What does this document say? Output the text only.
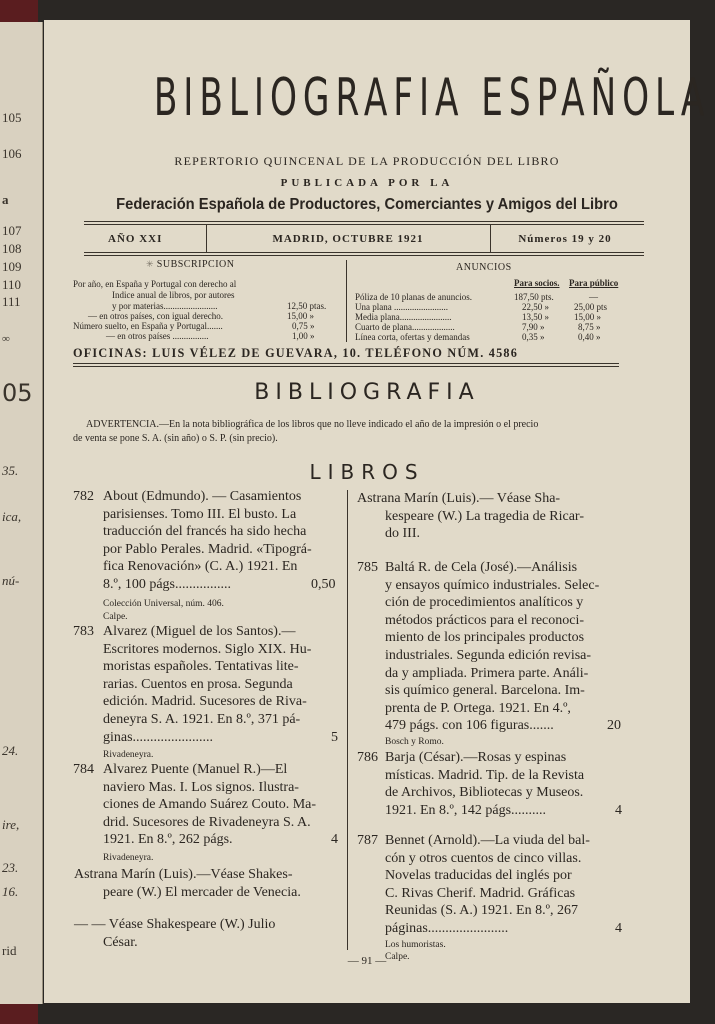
105
106
a
107
108
109
110
111
∞
05
35.
ica,
nú-
24.
ire,
23.
16.
rid
BIBLIOGRAFIA ESPAÑOLA
REPERTORIO QUINCENAL DE LA PRODUCCIÓN DEL LIBRO
PUBLICADA POR LA
Federación Española de Productores, Comerciantes y Amigos del Libro
AÑO XXI	MADRID, OCTUBRE 1921	Números 19 y 20
✳ SUBSCRIPCION
Por año, en España y Portugal con derecho al
Indice anual de libros, por autores
y por materias........................	12,50 ptas.
— en otros países, con igual derecho.	15,00 »
Número suelto, en España y Portugal.......	0,75 »
— en otros países ................	1,00 »
ANUNCIOS
Para socios. Para público
Póliza de 10 planas de anuncios.	187,50 pts.	—
Una plana ........................	22,50 »	25,00 pts
Media plana.......................	13,50 »	15,00 »
Cuarto de plana...................	7,90 »	8,75 »
Línea corta, ofertas y demandas	0,35 »	0,40 »
OFICINAS: LUIS VÉLEZ DE GUEVARA, 10. TELÉFONO NÚM. 4586
BIBLIOGRAFIA
ADVERTENCIA.—En la nota bibliográfica de los libros que no lleve indicado el año de la impresión o el precio
de venta se pone S. A. (sin año) o S. P. (sin precio).
LIBROS
782 About (Edmundo). — Casamientos
parisienses. Tomo III. El busto. La
traducción del francés ha sido hecha
por Pablo Perales. Madrid. «Tipográ-
fica Renovación» (C. A.) 1921. En
8.º, 100 págs................	0,50
Colección Universal, núm. 406.
Calpe.
783 Alvarez (Miguel de los Santos).—
Escritores modernos. Siglo XIX. Hu-
moristas españoles. Tentativas lite-
rarias. Cuentos en prosa. Segunda
edición. Madrid. Sucesores de Riva-
deneyra S. A. 1921. En 8.º, 371 pá-
ginas.......................	5
Rivadeneyra.
784 Alvarez Puente (Manuel R.)—El
naviero Mas. I. Los signos. Ilustra-
ciones de Amando Suárez Couto. Ma-
drid. Sucesores de Rivadeneyra S. A.
1921. En 8.º, 262 págs.	4
Rivadeneyra.
Astrana Marín (Luis).—Véase Shakes-
peare (W.) El mercader de Venecia.
— — Véase Shakespeare (W.) Julio
César.
Astrana Marín (Luis).— Véase Sha-
kespeare (W.) La tragedia de Ricar-
do III.
785 Baltá R. de Cela (José).—Análisis
y ensayos químico industriales. Selec-
ción de procedimientos analíticos y
métodos prácticos para el reconoci-
miento de los principales productos
industriales. Segunda edición revisa-
da y ampliada. Primera parte. Análi-
sis químico general. Barcelona. Im-
prenta de P. Ortega. 1921. En 4.º,
479 págs. con 106 figuras.......	20
Bosch y Romo.
786 Barja (César).—Rosas y espinas
místicas. Madrid. Tip. de la Revista
de Archivos, Bibliotecas y Museos.
1921. En 8.º, 142 págs..........	4
787 Bennet (Arnold).—La viuda del bal-
cón y otros cuentos de cinco villas.
Novelas traducidas del inglés por
C. Rivas Cherif. Madrid. Gráficas
Reunidas (S. A.) 1921. En 8.º, 267
páginas.......................	4
Los humoristas.
Calpe.
— 91 —
